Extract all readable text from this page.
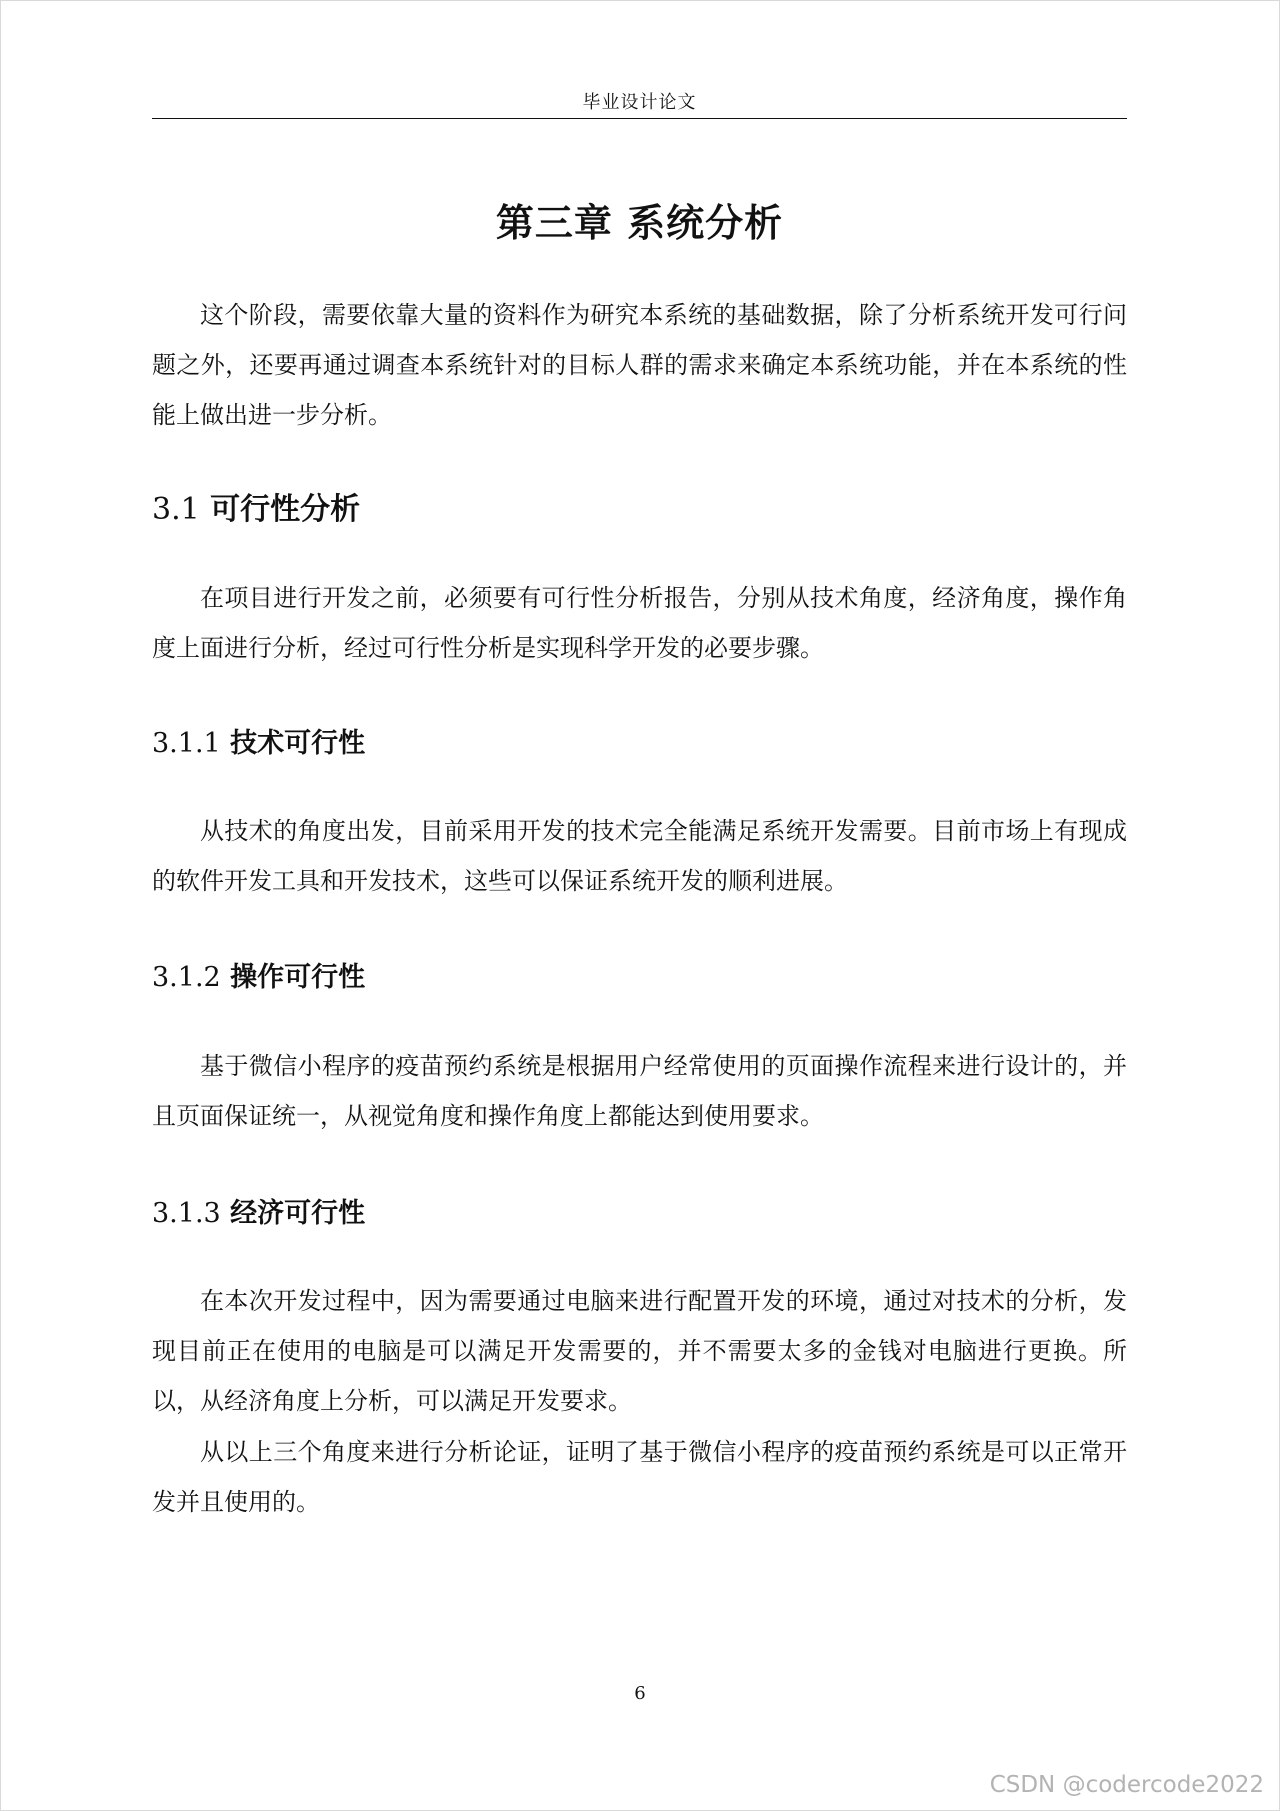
毕业设计论文
第三章 系统分析

这个阶段，需要依靠大量的资料作为研究本系统的基础数据，除了分析系统开发可行问题之外，还要再通过调查本系统针对的目标人群的需求来确定本系统功能，并在本系统的性能上做出进一步分析。

3.1 可行性分析

在项目进行开发之前，必须要有可行性分析报告，分别从技术角度，经济角度，操作角度上面进行分析，经过可行性分析是实现科学开发的必要步骤。

3.1.1 技术可行性

从技术的角度出发，目前采用开发的技术完全能满足系统开发需要。目前市场上有现成的软件开发工具和开发技术，这些可以保证系统开发的顺利进展。

3.1.2 操作可行性

基于微信小程序的疫苗预约系统是根据用户经常使用的页面操作流程来进行设计的，并且页面保证统一，从视觉角度和操作角度上都能达到使用要求。

3.1.3 经济可行性

在本次开发过程中，因为需要通过电脑来进行配置开发的环境，通过对技术的分析，发现目前正在使用的电脑是可以满足开发需要的，并不需要太多的金钱对电脑进行更换。所以，从经济角度上分析，可以满足开发要求。

从以上三个角度来进行分析论证，证明了基于微信小程序的疫苗预约系统是可以正常开发并且使用的。

6
CSDN @codercode2022
